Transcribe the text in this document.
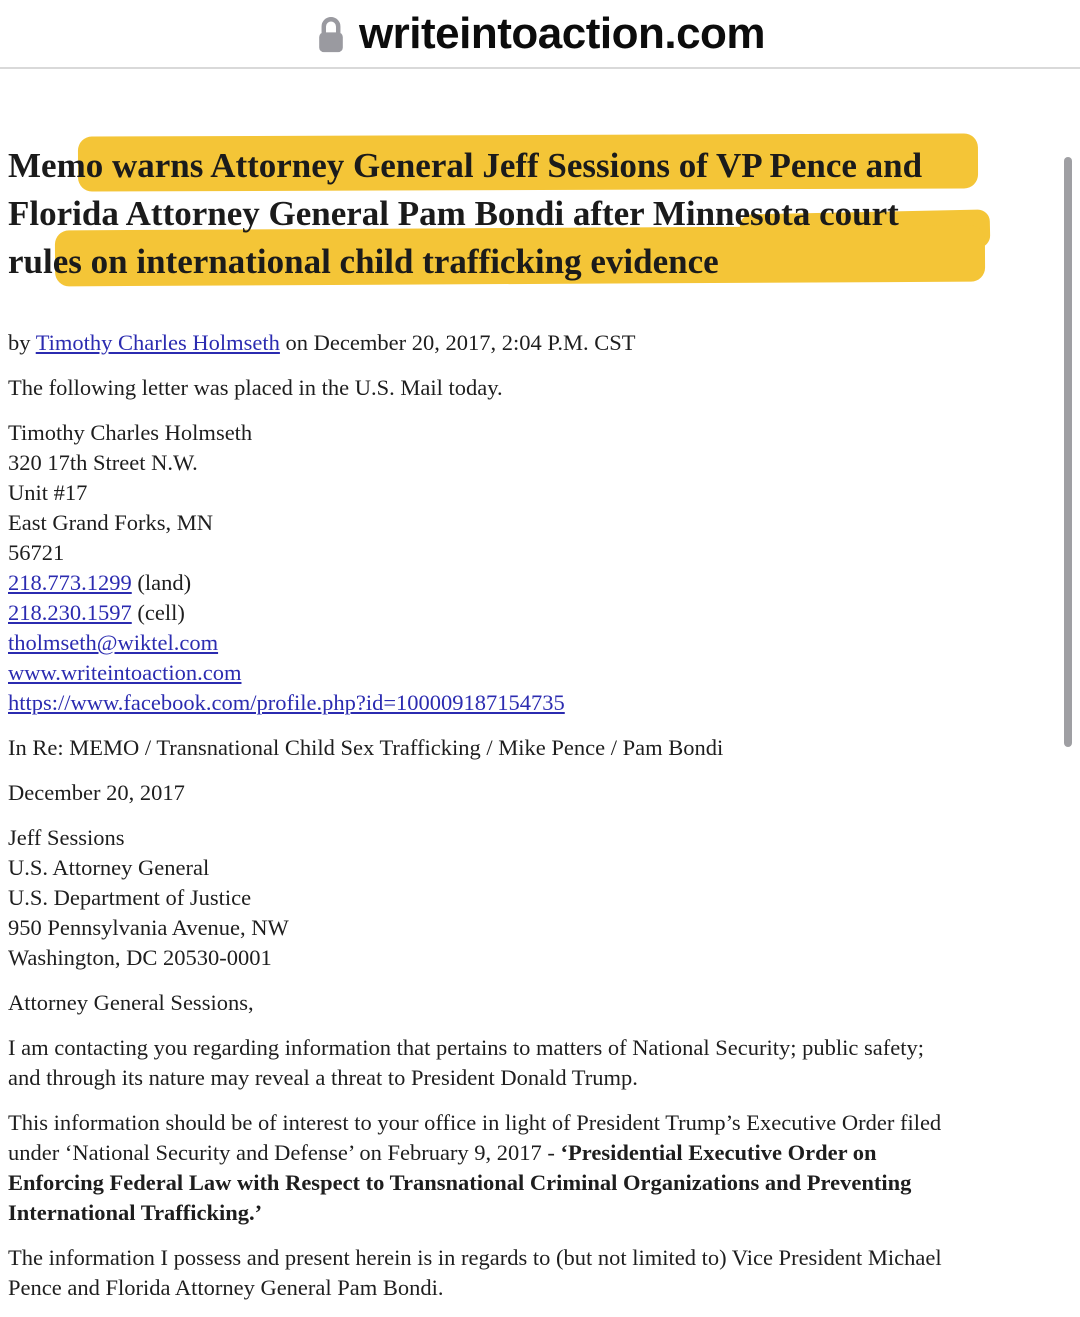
writeintoaction.com
Memo warns Attorney General Jeff Sessions of VP Pence and
Florida Attorney General Pam Bondi after Minnesota court
rules on international child trafficking evidence

by Timothy Charles Holmseth on December 20, 2017, 2:04 P.M. CST

The following letter was placed in the U.S. Mail today.

Timothy Charles Holmseth
320 17th Street N.W.
Unit #17
East Grand Forks, MN
56721
218.773.1299 (land)
218.230.1597 (cell)
tholmseth@wiktel.com
www.writeintoaction.com
https://www.facebook.com/profile.php?id=100009187154735

In Re: MEMO / Transnational Child Sex Trafficking / Mike Pence / Pam Bondi

December 20, 2017

Jeff Sessions
U.S. Attorney General
U.S. Department of Justice
950 Pennsylvania Avenue, NW
Washington, DC 20530-0001

Attorney General Sessions,

I am contacting you regarding information that pertains to matters of National Security; public safety;
and through its nature may reveal a threat to President Donald Trump.

This information should be of interest to your office in light of President Trump’s Executive Order filed
under ‘National Security and Defense’ on February 9, 2017 - ‘Presidential Executive Order on
Enforcing Federal Law with Respect to Transnational Criminal Organizations and Preventing
International Trafficking.’

The information I possess and present herein is in regards to (but not limited to) Vice President Michael
Pence and Florida Attorney General Pam Bondi.
